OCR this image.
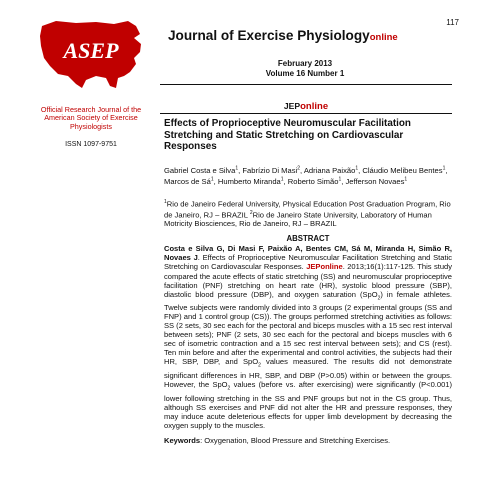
117
ASEP
Official Research Journal of the American Society of Exercise Physiologists
ISSN 1097-9751
Journal of Exercise Physiologyonline
February 2013
Volume 16 Number 1
JEPonline
Effects of Proprioceptive Neuromuscular Facilitation Stretching and Static Stretching on Cardiovascular Responses
Gabriel Costa e Silva$^1$, Fabrízio Di Masi$^2$, Adriana Paixão$^1$, Cláudio Melibeu Bentes$^1$, Marcos de $Sá^1$, Humberto Miranda$^1$, Roberto Simão$^1$, Jefferson Novaes$^1$
$^1$Rio de Janeiro Federal University, Physical Education Post Graduation Program, Rio de Janeiro, RJ – BRAZIL $^2$Rio de Janeiro State University, Laboratory of Human Motricity Biosciences, Rio de Janeiro, RJ – BRAZIL
ABSTRACT
Costa e Silva G, Di Masi F, Paixão A, Bentes CM, Sá M, Miranda H, Simão R, Novaes J. Effects of Proprioceptive Neuromuscular Facilitation Stretching and Static Stretching on Cardiovascular Responses. JEPonline. 2013;16(1):117-125. This study compared the acute effects of static stretching (SS) and neuromuscular proprioceptive facilitation (PNF) stretching on heart rate (HR), systolic blood pressure (SBP), diastolic blood pressure (DBP), and oxygen saturation (SpO$_2$) in female athletes. Twelve subjects were randomly divided into 3 groups (2 experimental groups (SS and FNP) and 1 control group (CS)). The groups performed stretching activities as follows: SS (2 sets, 30 sec each for the pectoral and biceps muscles with a 15 sec rest interval between sets); PNF (2 sets, 30 sec each for the pectoral and biceps muscles with 6 sec of isometric contraction and a 15 sec rest interval between sets); and CS (rest). Ten min before and after the experimental and control activities, the subjects had their HR, SBP, DBP, and SpO$_2$ values measured. The results did not demonstrate significant differences in HR, SBP, and DBP (P>0.05) within or between the groups. However, the SpO$_2$ values (before vs. after exercising) were significantly (P<0.001) lower following stretching in the SS and PNF groups but not in the CS group. Thus, although SS exercises and PNF did not alter the HR and pressure responses, they may induce acute deleterious effects for upper limb development by decreasing the oxygen supply to the muscles.
Keywords: Oxygenation, Blood Pressure and Stretching Exercises.
